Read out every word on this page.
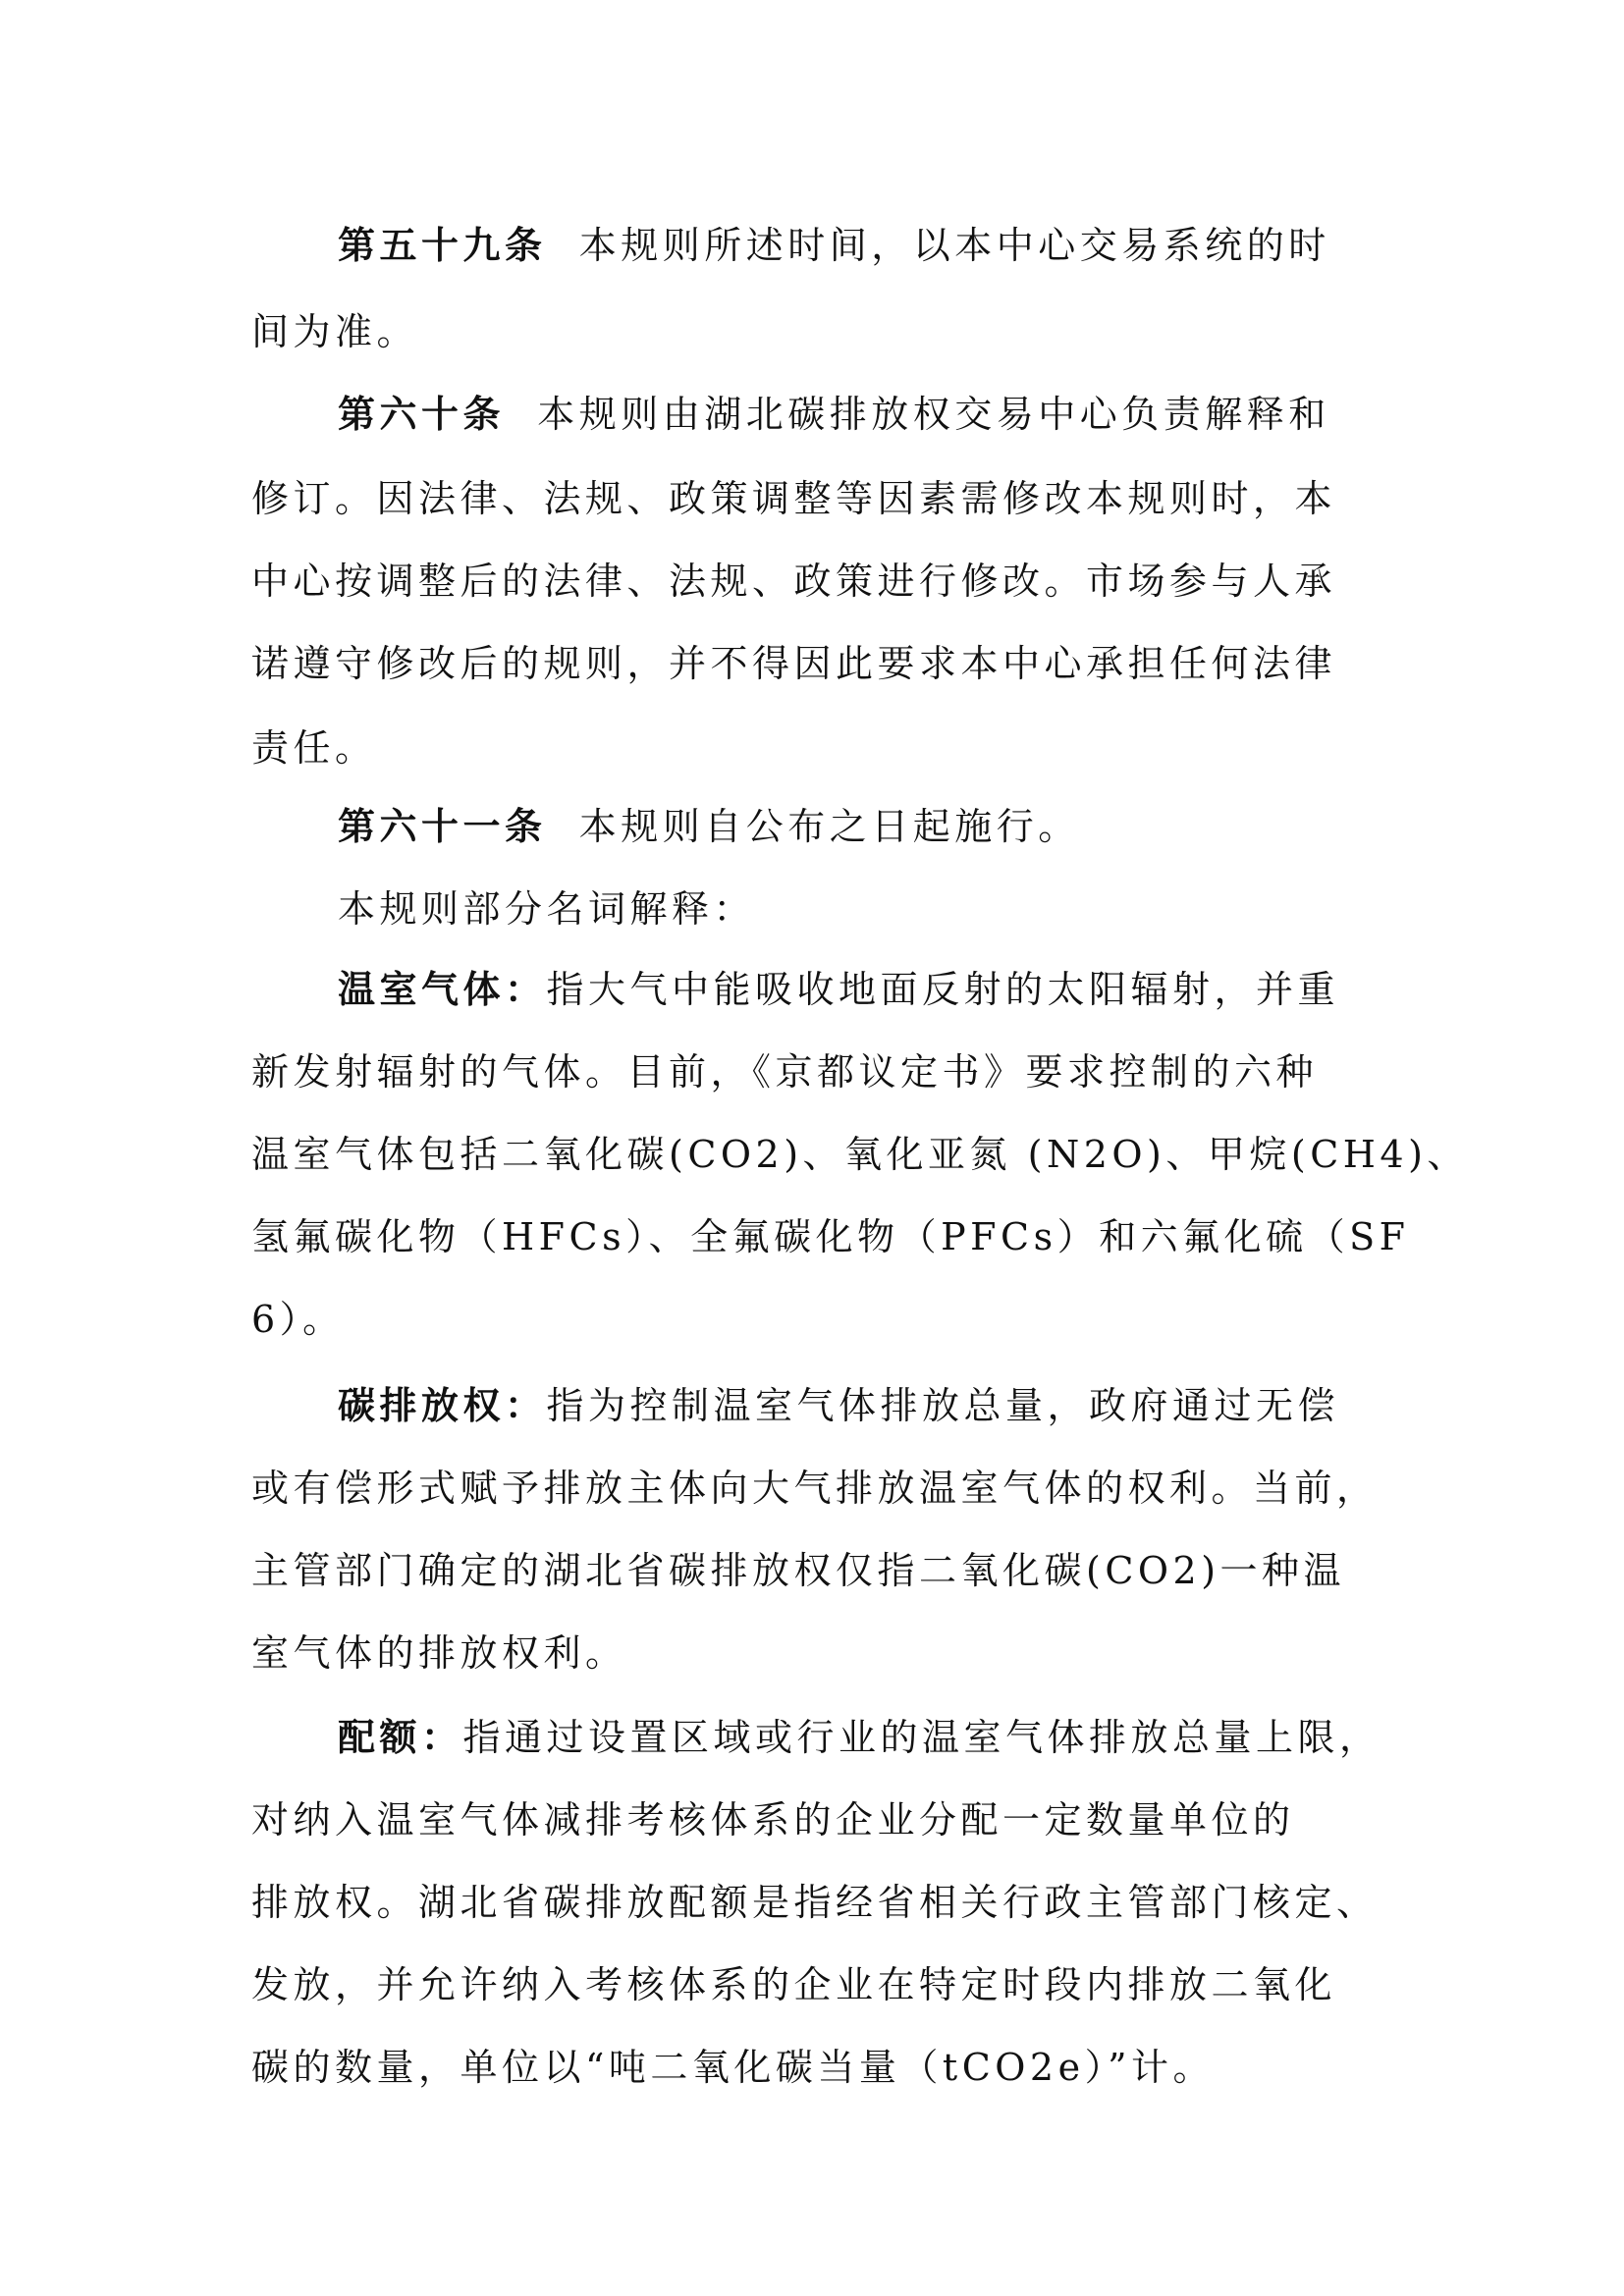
第五十九条 本规则所述时间，以本中心交易系统的时

间为准。

第六十条 本规则由湖北碳排放权交易中心负责解释和

修订。因法律、法规、政策调整等因素需修改本规则时，本

中心按调整后的法律、法规、政策进行修改。市场参与人承

诺遵守修改后的规则，并不得因此要求本中心承担任何法律

责任。

第六十一条 本规则自公布之日起施行。

本规则部分名词解释：

温室气体：指大气中能吸收地面反射的太阳辐射，并重

新发射辐射的气体。目前，《京都议定书》要求控制的六种

温室气体包括二氧化碳(CO2)、氧化亚氮 (N2O)、甲烷(CH4)、

氢氟碳化物（HFCs）、全氟碳化物（PFCs）和六氟化硫（SF

6）。

碳排放权：指为控制温室气体排放总量，政府通过无偿

或有偿形式赋予排放主体向大气排放温室气体的权利。当前，

主管部门确定的湖北省碳排放权仅指二氧化碳(CO2)一种温

室气体的排放权利。

配额：指通过设置区域或行业的温室气体排放总量上限，

对纳入温室气体减排考核体系的企业分配一定数量单位的

排放权。湖北省碳排放配额是指经省相关行政主管部门核定、

发放，并允许纳入考核体系的企业在特定时段内排放二氧化

碳的数量，单位以“吨二氧化碳当量（tCO2e）”计。
